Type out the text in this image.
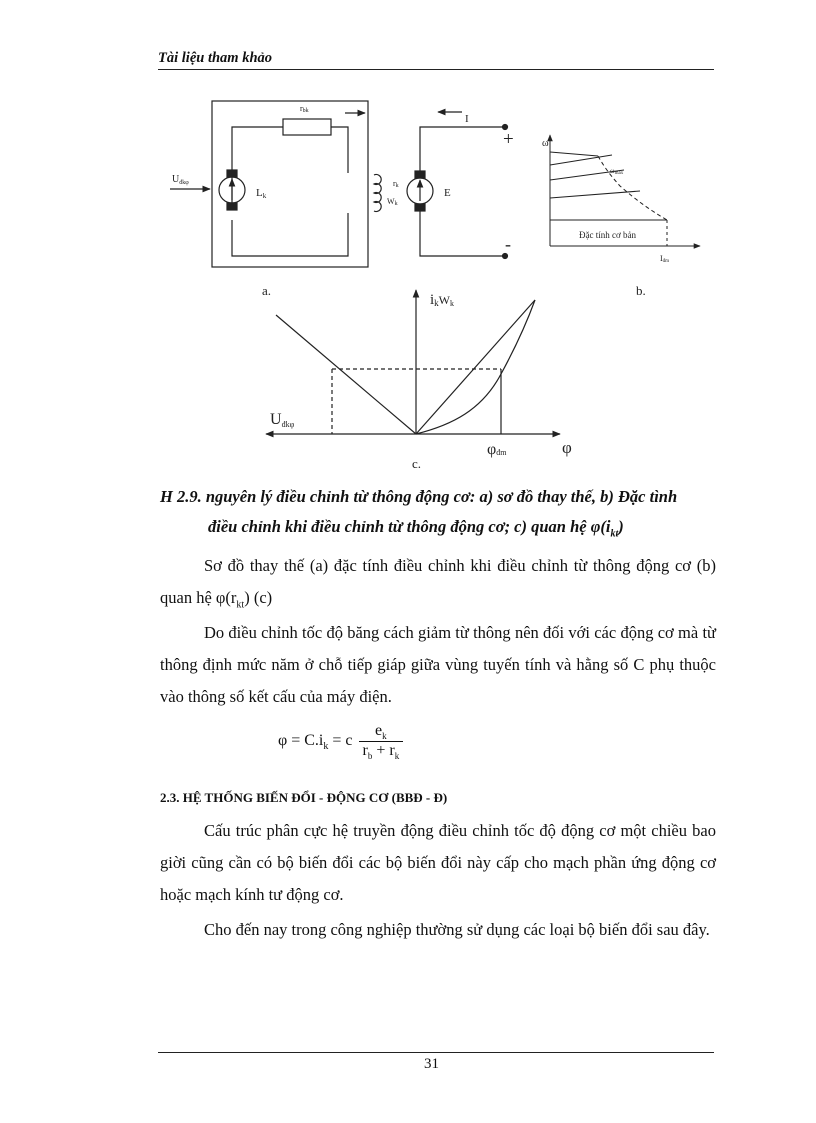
Tài liệu tham khảo
rbk
$U_{đk\varphi}$
Lk
rk
Wk
E
I
+
-
a.
ω
ωmax
Đặc tính cơ bản
Iđm
b.
ikWk
Uđkφ
φđm	φ
c.
H 2.9. nguyên lý điều chỉnh từ thông động cơ: a) sơ đồ thay thế, b) Đặc tình
điều chỉnh khi điều chỉnh từ thông động cơ; c) quan hệ $\varphi(i_{kt})$
Sơ đồ thay thế (a) đặc tính điều chỉnh khi điều chỉnh từ thông động cơ (b) quan hệ $\varphi(r_{kt})$ (c)
Do điều chỉnh tốc độ băng cách giảm từ thông nên đối với các động cơ mà từ thông định mức năm ở chỗ tiếp giáp giữa vùng tuyến tính và hằng số C phụ thuộc vào thông số kết cấu của máy điện.
$\varphi = C.i_k = c \frac{e_k}{r_b + r_k}$
2.3. HỆ THỐNG BIẾN ĐỔI - ĐỘNG CƠ (BBĐ - Đ)
Cấu trúc phân cực hệ truyền động điều chỉnh tốc độ động cơ một chiều bao giời cũng cần có bộ biến đổi các bộ biến đổi này cấp cho mạch phần ứng động cơ hoặc mạch kính tư động cơ.
Cho đến nay trong công nghiệp thường sử dụng các loại bộ biến đổi sau đây.
31
